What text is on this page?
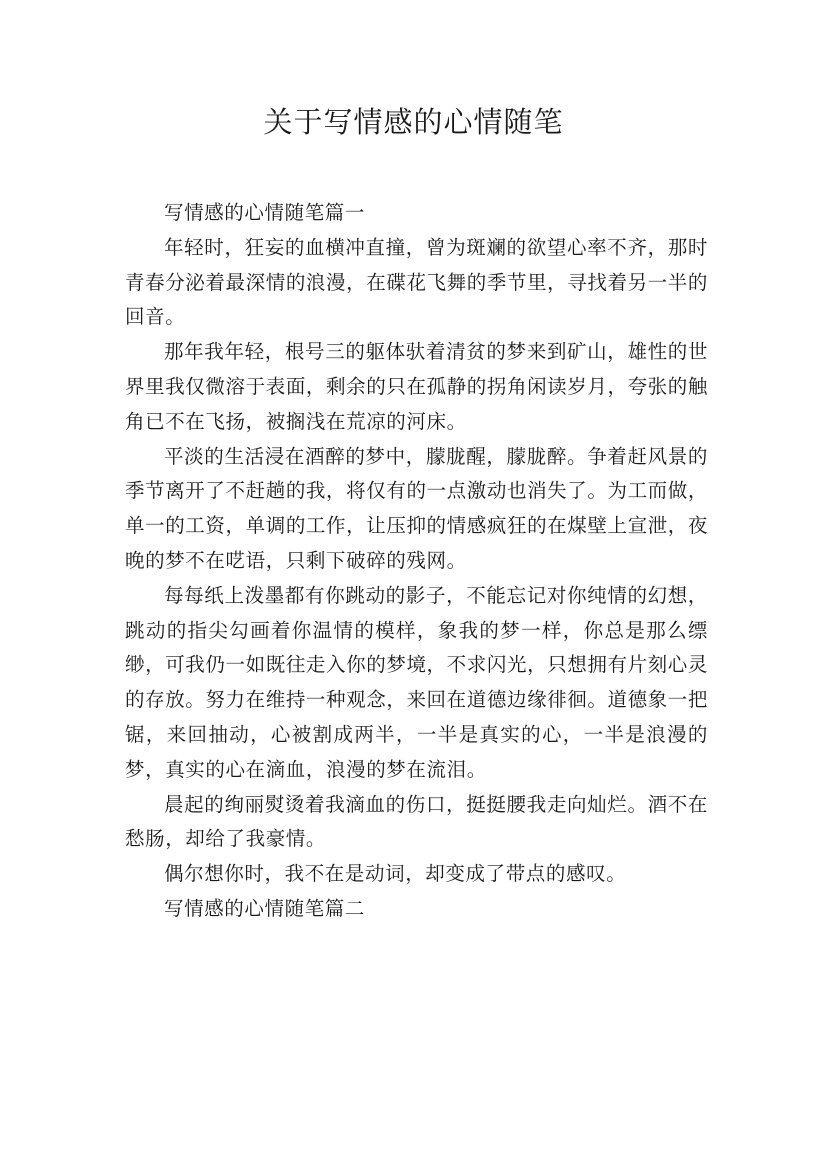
关于写情感的心情随笔

写情感的心情随笔篇一

年轻时，狂妄的血横冲直撞，曾为斑斓的欲望心率不齐，那时青春分泌着最深情的浪漫，在碟花飞舞的季节里，寻找着另一半的回音。

那年我年轻，根号三的躯体驮着清贫的梦来到矿山，雄性的世界里我仅微溶于表面，剩余的只在孤静的拐角闲读岁月，夸张的触角已不在飞扬，被搁浅在荒凉的河床。

平淡的生活浸在酒醉的梦中，朦胧醒，朦胧醉。争着赶风景的季节离开了不赶趟的我，将仅有的一点激动也消失了。为工而做，单一的工资，单调的工作，让压抑的情感疯狂的在煤壁上宣泄，夜晚的梦不在呓语，只剩下破碎的残网。

每每纸上泼墨都有你跳动的影子，不能忘记对你纯情的幻想，跳动的指尖勾画着你温情的模样，象我的梦一样，你总是那么缥缈，可我仍一如既往走入你的梦境，不求闪光，只想拥有片刻心灵的存放。努力在维持一种观念，来回在道德边缘徘徊。道德象一把锯，来回抽动，心被割成两半，一半是真实的心，一半是浪漫的梦，真实的心在滴血，浪漫的梦在流泪。

晨起的绚丽熨烫着我滴血的伤口，挺挺腰我走向灿烂。酒不在愁肠，却给了我豪情。

偶尔想你时，我不在是动词，却变成了带点的感叹。

写情感的心情随笔篇二
